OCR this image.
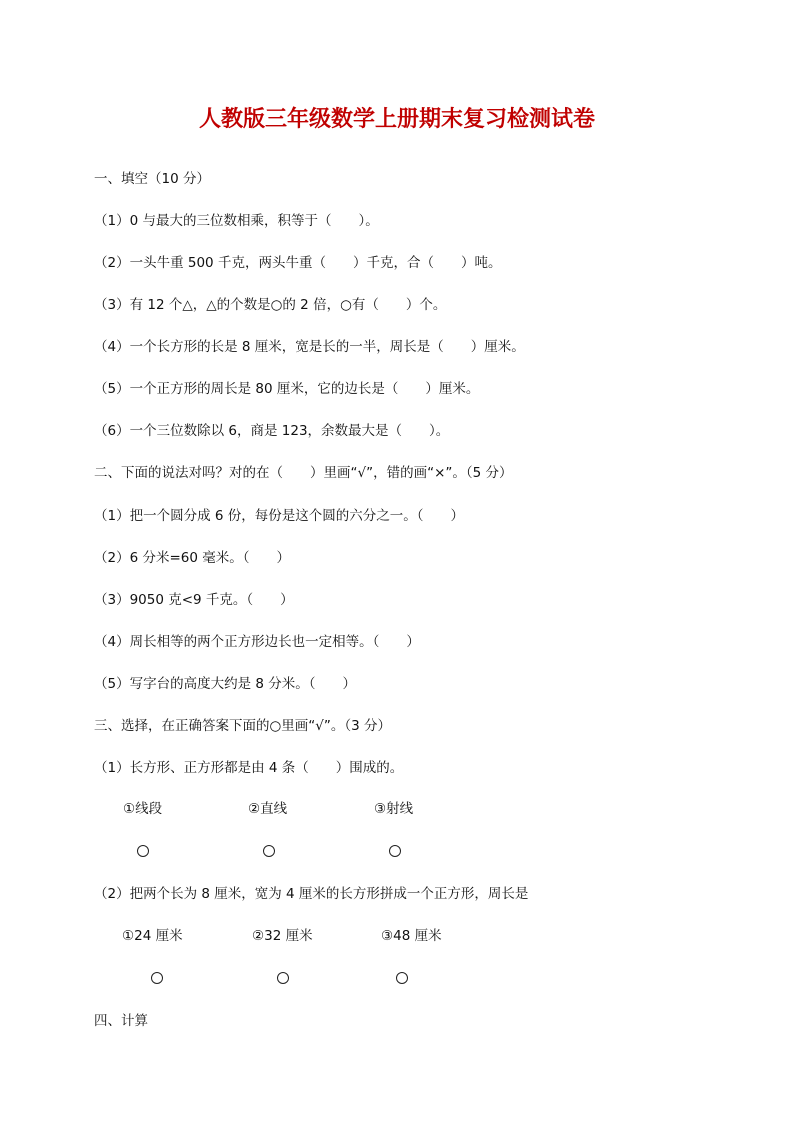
人教版三年级数学上册期末复习检测试卷
一、填空（10 分）
（1）0 与最大的三位数相乘，积等于（　　）。
（2）一头牛重 500 千克，两头牛重（　　）千克，合（　　）吨。
（3）有 12 个△，△的个数是○的 2 倍，○有（　　）个。
（4）一个长方形的长是 8 厘米，宽是长的一半，周长是（　　）厘米。
（5）一个正方形的周长是 80 厘米，它的边长是（　　）厘米。
（6）一个三位数除以 6，商是 123，余数最大是（　　）。
二、下面的说法对吗？对的在（　　）里画“√”，错的画“×”。（5 分）
（1）把一个圆分成 6 份，每份是这个圆的六分之一。（　　）
（2）6 分米=60 毫米。（　　）
（3）9050 克<9 千克。（　　）
（4）周长相等的两个正方形边长也一定相等。（　　）
（5）写字台的高度大约是 8 分米。（　　）
三、选择，在正确答案下面的○里画“√”。（3 分）
（1）长方形、正方形都是由 4 条（　　）围成的。
①线段	②直线	③射线
（2）把两个长为 8 厘米，宽为 4 厘米的长方形拼成一个正方形，周长是
①24 厘米	②32 厘米	③48 厘米
四、计算
